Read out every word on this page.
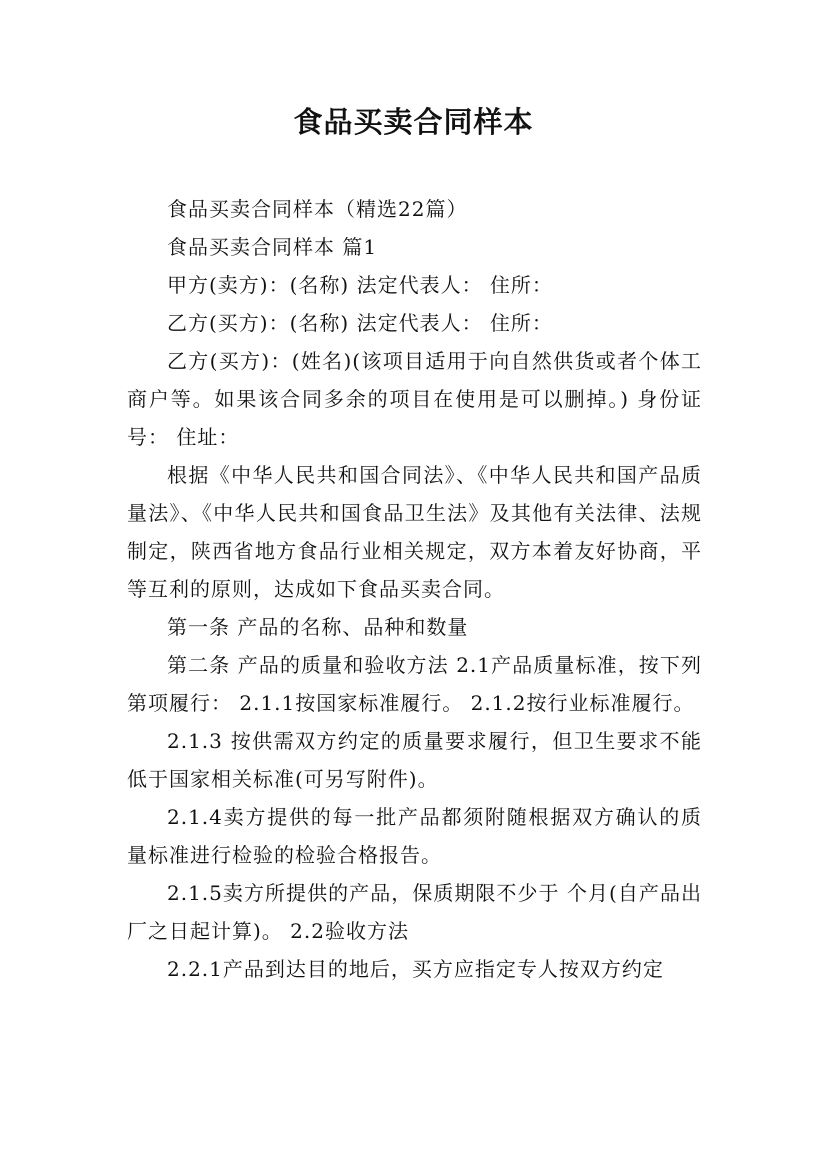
食品买卖合同样本

食品买卖合同样本（精选22篇）

食品买卖合同样本 篇1

甲方(卖方)：(名称) 法定代表人： 住所：

乙方(买方)：(名称) 法定代表人： 住所：

乙方(买方)：(姓名)(该项目适用于向自然供货或者个体工商户等。如果该合同多余的项目在使用是可以删掉。) 身份证号： 住址：

根据《中华人民共和国合同法》、《中华人民共和国产品质量法》、《中华人民共和国食品卫生法》及其他有关法律、法规制定，陕西省地方食品行业相关规定，双方本着友好协商，平等互利的原则，达成如下食品买卖合同。

第一条 产品的名称、品种和数量

第二条 产品的质量和验收方法 2.1产品质量标准，按下列第项履行： 2.1.1按国家标准履行。 2.1.2按行业标准履行。

2.1.3 按供需双方约定的质量要求履行，但卫生要求不能低于国家相关标准(可另写附件)。

2.1.4卖方提供的每一批产品都须附随根据双方确认的质量标准进行检验的检验合格报告。

2.1.5卖方所提供的产品，保质期限不少于 个月(自产品出厂之日起计算)。 2.2验收方法

2.2.1产品到达目的地后，买方应指定专人按双方约定
